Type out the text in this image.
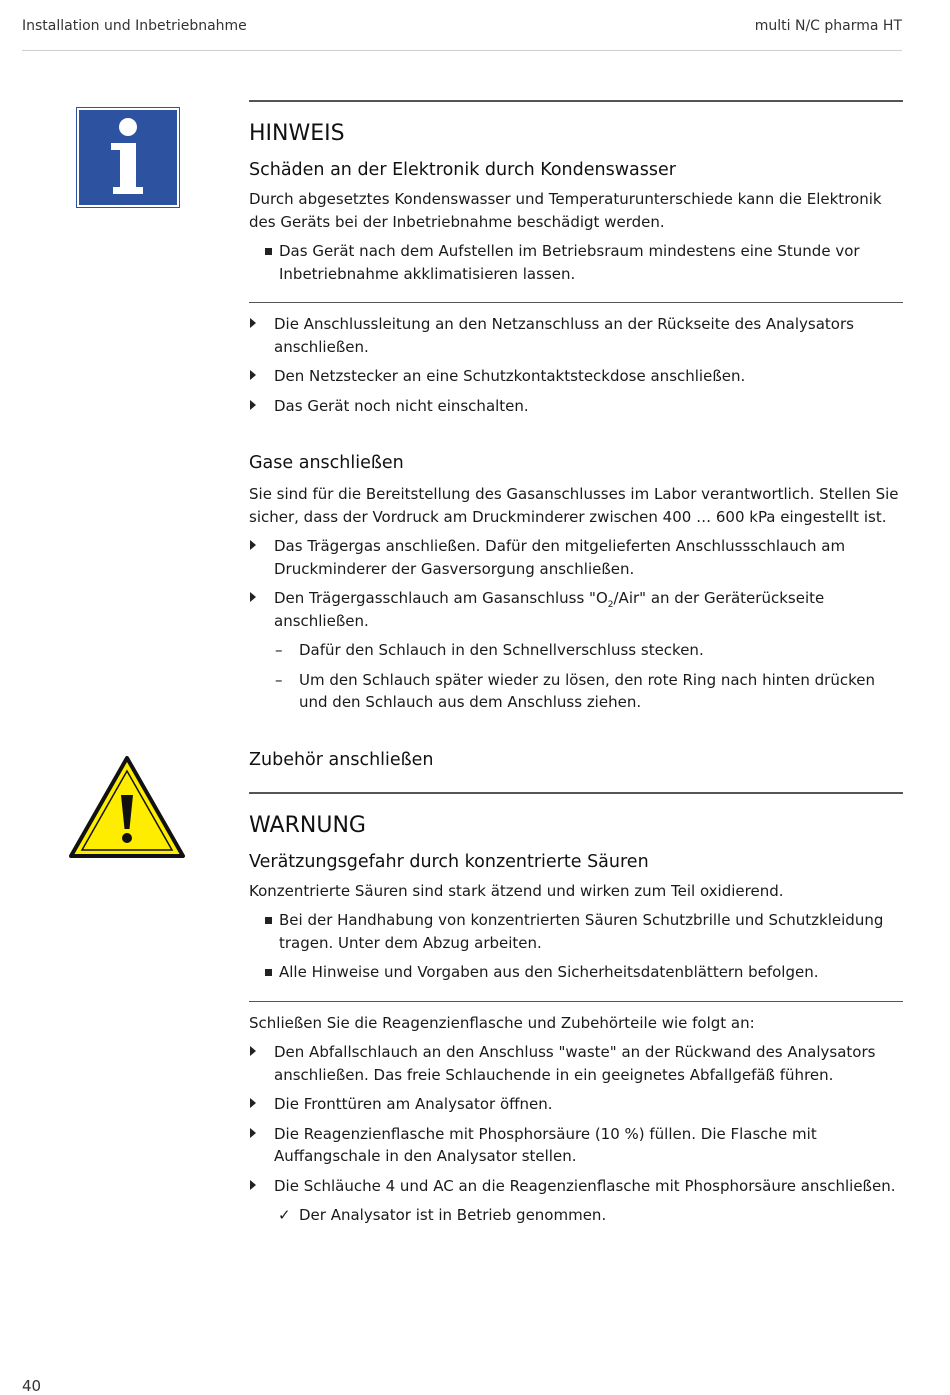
Installation und Inbetriebnahme	multi N/C pharma HT
HINWEIS
Schäden an der Elektronik durch Kondenswasser

Durch abgesetztes Kondenswasser und Temperaturunterschiede kann die Elektronik des Geräts bei der Inbetriebnahme beschädigt werden.

Das Gerät nach dem Aufstellen im Betriebsraum mindestens eine Stunde vor Inbetriebnahme akklimatisieren lassen.
Die Anschlussleitung an den Netzanschluss an der Rückseite des Analysators anschließen.
Den Netzstecker an eine Schutzkontaktsteckdose anschließen.
Das Gerät noch nicht einschalten.
Gase anschließen

Sie sind für die Bereitstellung des Gasanschlusses im Labor verantwortlich. Stellen Sie sicher, dass der Vordruck am Druckminderer zwischen 400 … 600 kPa eingestellt ist.

Das Trägergas anschließen. Dafür den mitgelieferten Anschlussschlauch am Druckminderer der Gasversorgung anschließen.
Den Trägergasschlauch am Gasanschluss "$O_2$/Air" an der Geräterückseite anschließen.
– Dafür den Schlauch in den Schnellverschluss stecken.
– Um den Schlauch später wieder zu lösen, den rote Ring nach hinten drücken und den Schlauch aus dem Anschluss ziehen.
Zubehör anschließen
WARNUNG
Verätzungsgefahr durch konzentrierte Säuren

Konzentrierte Säuren sind stark ätzend und wirken zum Teil oxidierend.

Bei der Handhabung von konzentrierten Säuren Schutzbrille und Schutzkleidung tragen. Unter dem Abzug arbeiten.
Alle Hinweise und Vorgaben aus den Sicherheitsdatenblättern befolgen.

Schließen Sie die Reagenzienflasche und Zubehörteile wie folgt an:

Den Abfallschlauch an den Anschluss "waste" an der Rückwand des Analysators anschließen. Das freie Schlauchende in ein geeignetes Abfallgefäß führen.
Die Fronttüren am Analysator öffnen.
Die Reagenzienflasche mit Phosphorsäure (10 %) füllen. Die Flasche mit Auffangschale in den Analysator stellen.
Die Schläuche 4 und AC an die Reagenzienflasche mit Phosphorsäure anschließen.
✓ Der Analysator ist in Betrieb genommen.
40
